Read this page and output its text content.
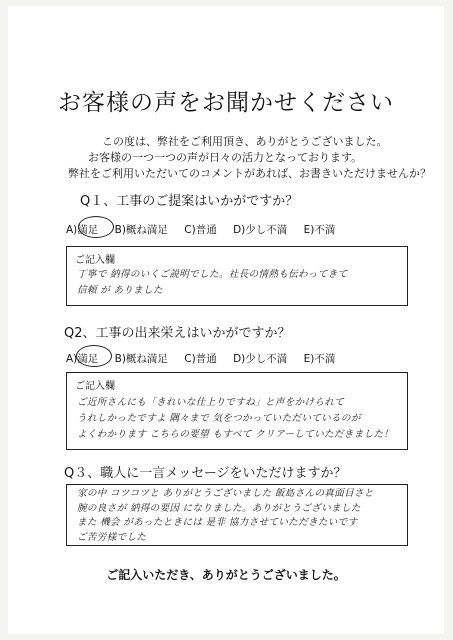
お客様の声をお聞かせください
この度は、弊社をご利用頂き、ありがとうございました。
お客様の一つ一つの声が日々の活力となっております。
弊社をご利用いただいてのコメントがあれば、お書きいただけませんか？
Q１、工事のご提案はいかがですか？
A)満足 B)概ね満足 C)普通 D)少し不満 E)不満
ご記入欄
丁寧で 納得のいくご説明でした。社長の情熱も伝わってきて
信頼 が ありました
Q2、工事の出来栄えはいかがですか？
A)満足 B)概ね満足 C)普通 D)少し不満 E)不満
ご記入欄
ご近所さんにも「きれいな仕上りですね」と声をかけられて
うれしかったですよ 隅々まで 気をつかっていただいているのが
よくわかります こちらの要望 もすべて クリアーしていただきました！
Q３、職人に一言メッセージをいただけますか？
家の中 コツコツと ありがとうございました 飯島さんの真面目さと
腕の良さが 納得の要因 になりました。ありがとうございました
また 機会 があったときには 是非 協力させていただきたいです
ご苦労様でした
ご記入いただき、ありがとうございました。
